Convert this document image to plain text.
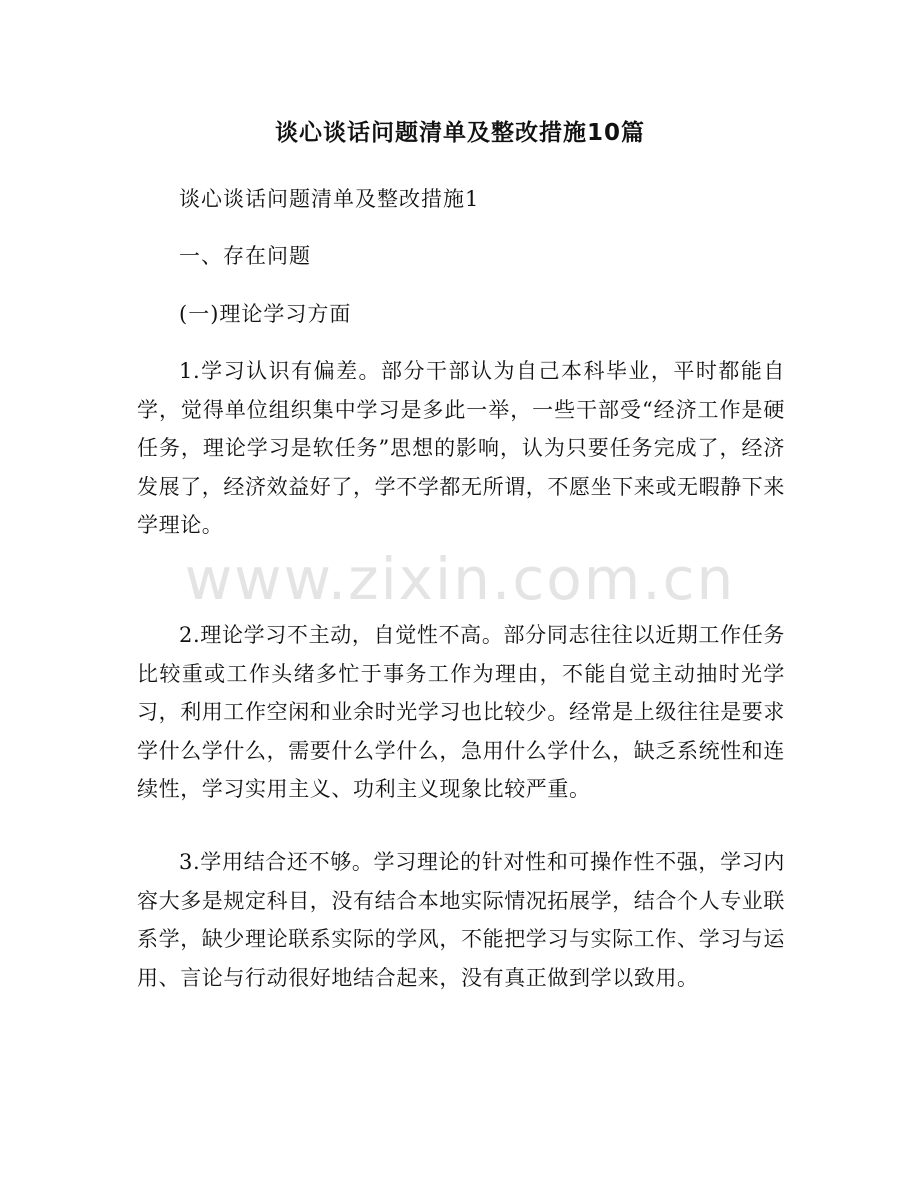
www.zixin.com.cn
谈心谈话问题清单及整改措施10篇

谈心谈话问题清单及整改措施1

一、存在问题

(一)理论学习方面

1.学习认识有偏差。部分干部认为自己本科毕业，平时都能自学，觉得单位组织集中学习是多此一举，一些干部受“经济工作是硬任务，理论学习是软任务”思想的影响，认为只要任务完成了，经济发展了，经济效益好了，学不学都无所谓，不愿坐下来或无暇静下来学理论。

2.理论学习不主动，自觉性不高。部分同志往往以近期工作任务比较重或工作头绪多忙于事务工作为理由，不能自觉主动抽时光学习，利用工作空闲和业余时光学习也比较少。经常是上级往往是要求学什么学什么，需要什么学什么，急用什么学什么，缺乏系统性和连续性，学习实用主义、功利主义现象比较严重。

3.学用结合还不够。学习理论的针对性和可操作性不强，学习内容大多是规定科目，没有结合本地实际情况拓展学，结合个人专业联系学，缺少理论联系实际的学风，不能把学习与实际工作、学习与运用、言论与行动很好地结合起来，没有真正做到学以致用。
